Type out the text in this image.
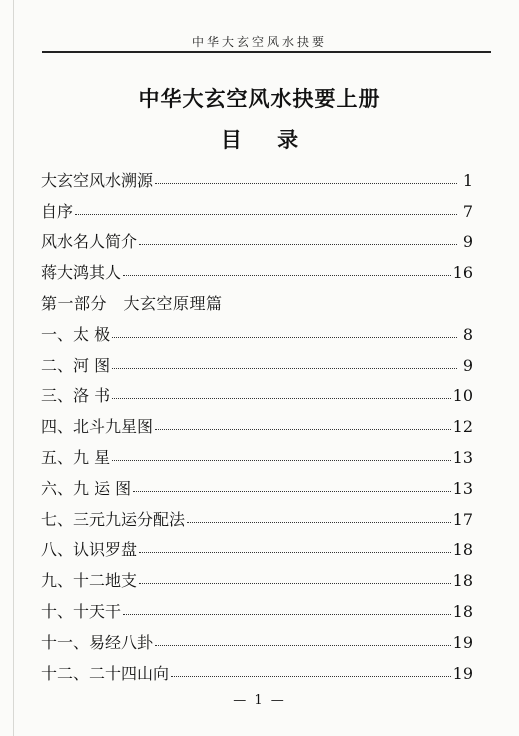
中华大玄空风水抉要
中华大玄空风水抉要上册
目 录
大玄空风水溯源	1
自序	7
风水名人简介	9
蒋大鸿其人	16
第一部分　大玄空原理篇
一、太 极	8
二、河 图	9
三、洛 书	10
四、北斗九星图	12
五、九 星	13
六、九 运 图	13
七、三元九运分配法	17
八、认识罗盘	18
九、十二地支	18
十、十天干	18
十一、易经八卦	19
十二、二十四山向	19
— 1 —
